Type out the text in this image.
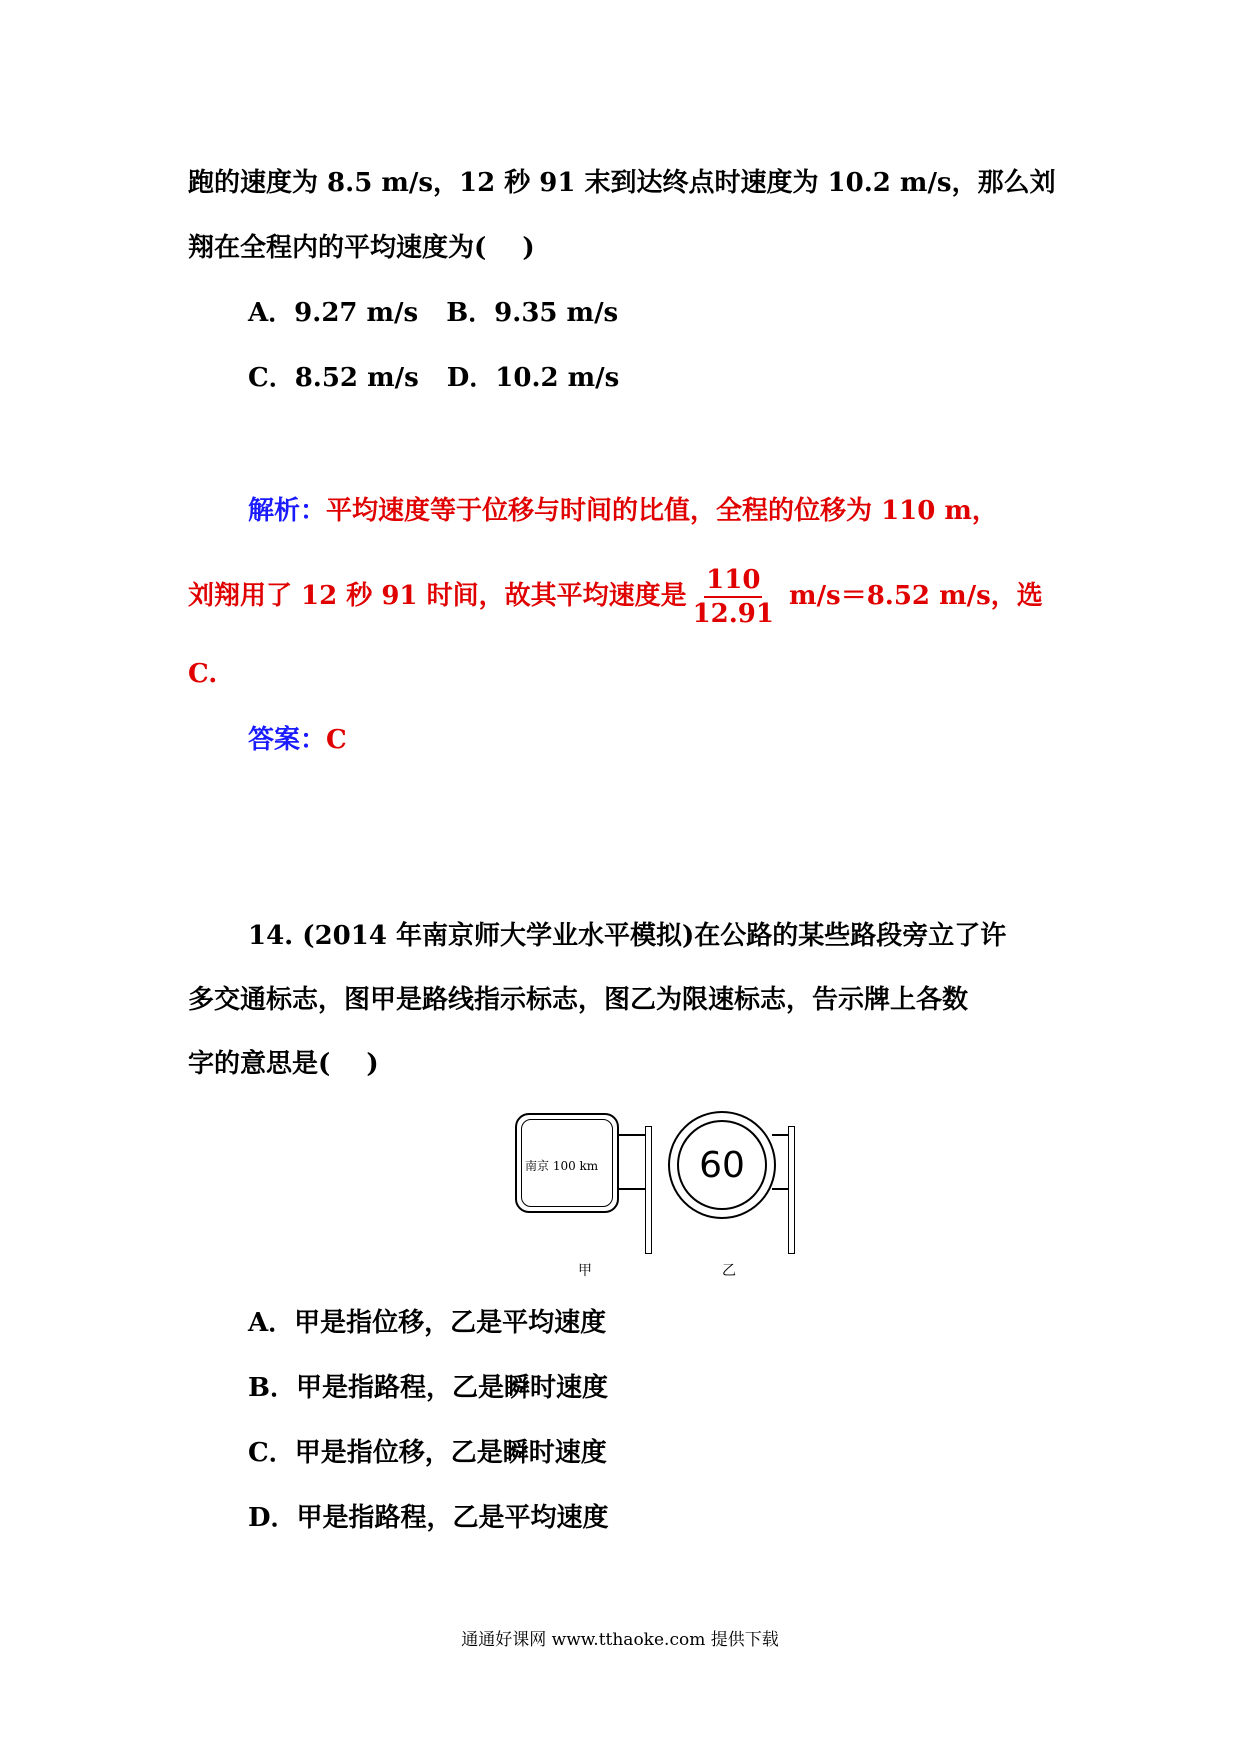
跑的速度为 8.5 m/s，12 秒 91 末到达终点时速度为 10.2 m/s，那么刘
翔在全程内的平均速度为( )
A．9.27 m/s B．9.35 m/s
C．8.52 m/s D．10.2 m/s
解析：平均速度等于位移与时间的比值，全程的位移为 110 m，
刘翔用了 12 秒 91 时间，故其平均速度是 $\frac{110}{12.91} m/s=8.52$ m/s，选
C.
答案：C
14. (2014 年南京师大学业水平模拟)在公路的某些路段旁立了许
多交通标志，图甲是路线指示标志，图乙为限速标志，告示牌上各数
字的意思是( )
南京 100 km	60
甲	乙
A．甲是指位移，乙是平均速度
B．甲是指路程，乙是瞬时速度
C．甲是指位移，乙是瞬时速度
D．甲是指路程，乙是平均速度
通通好课网 www.tthaoke.com 提供下载
